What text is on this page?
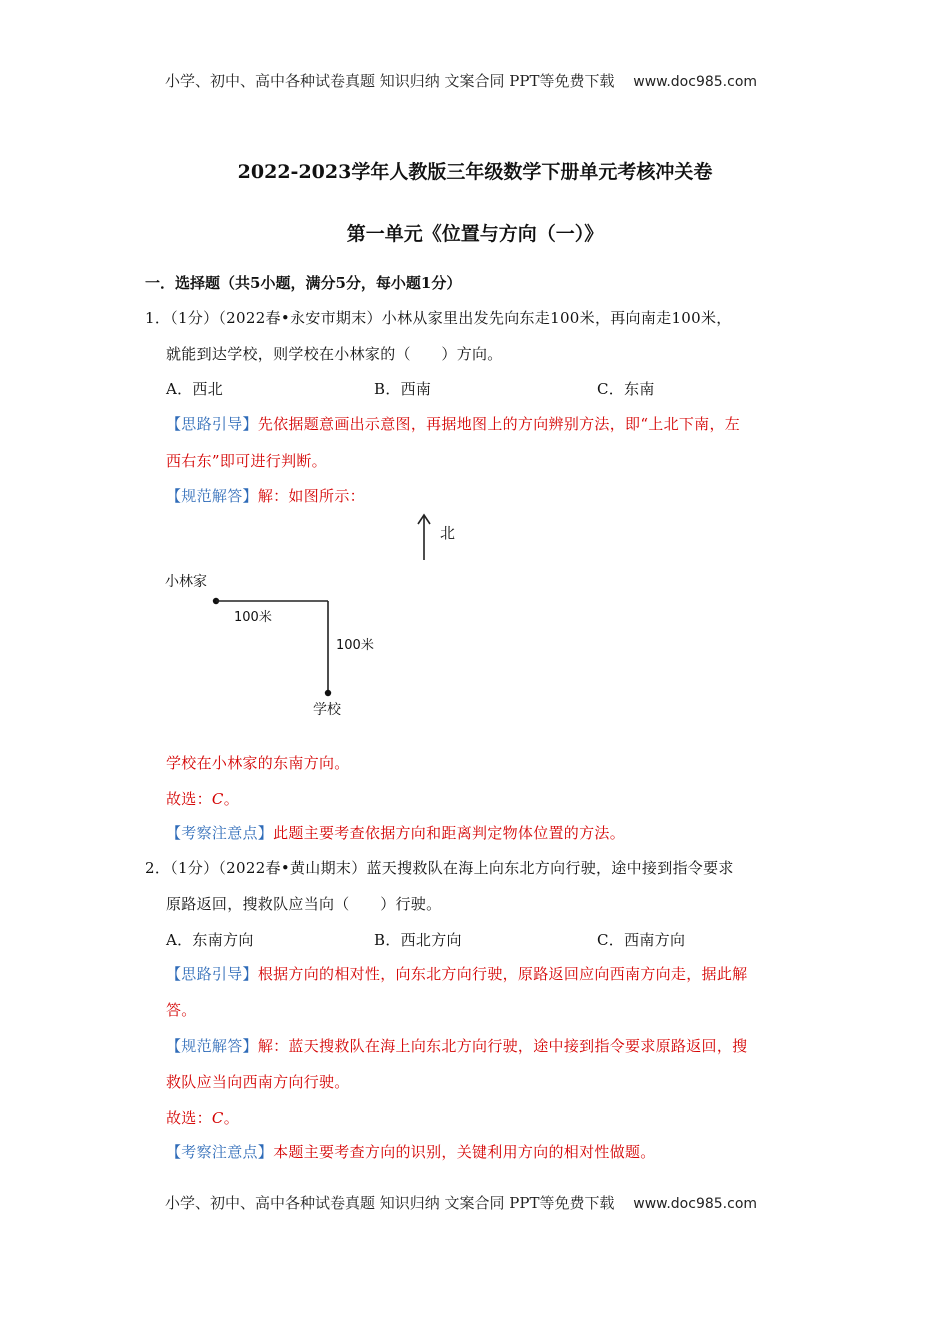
小学、初中、高中各种试卷真题 知识归纳 文案合同 PPT等免费下载 www.doc985.com
2022-2023学年人教版三年级数学下册单元考核冲关卷
第一单元《位置与方向（一）》
一．选择题（共5小题，满分5分，每小题1分）
1．（1分）（2022春•永安市期末）小林从家里出发先向东走100米，再向南走100米，
就能到达学校，则学校在小林家的（　　）方向。
A．西北	B．西南	C．东南
【思路引导】先依据题意画出示意图，再据地图上的方向辨别方法，即“上北下南，左
西右东”即可进行判断。
【规范解答】解：如图所示：
小林家
100米
100米
学校
北
学校在小林家的东南方向。
故选：C。
【考察注意点】此题主要考查依据方向和距离判定物体位置的方法。
2．（1分）（2022春•黄山期末）蓝天搜救队在海上向东北方向行驶，途中接到指令要求
原路返回，搜救队应当向（　　）行驶。
A．东南方向	B．西北方向	C．西南方向
【思路引导】根据方向的相对性，向东北方向行驶，原路返回应向西南方向走，据此解
答。
【规范解答】解：蓝天搜救队在海上向东北方向行驶，途中接到指令要求原路返回，搜
救队应当向西南方向行驶。
故选：C。
【考察注意点】本题主要考查方向的识别，关键利用方向的相对性做题。
小学、初中、高中各种试卷真题 知识归纳 文案合同 PPT等免费下载 www.doc985.com
